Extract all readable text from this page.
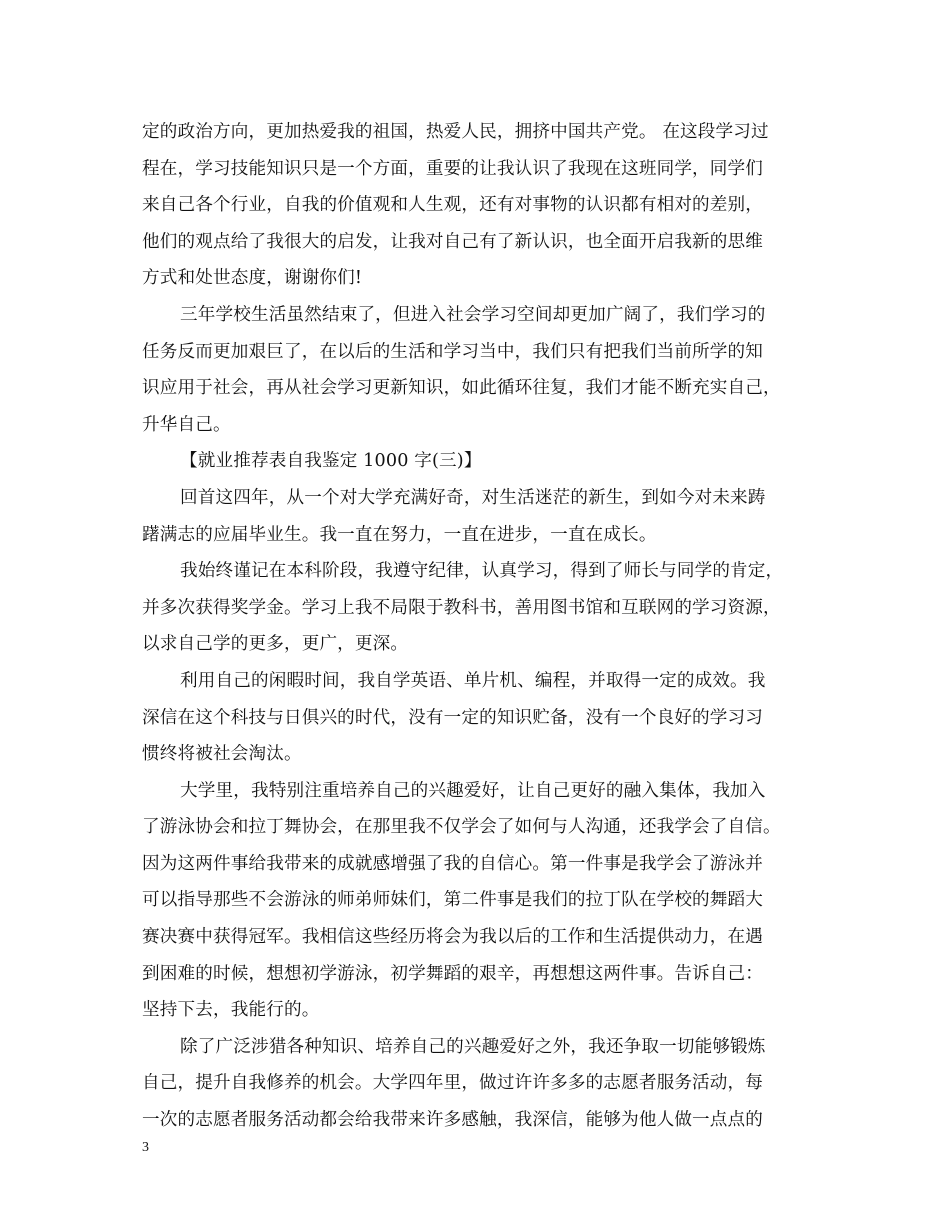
定的政治方向，更加热爱我的祖国，热爱人民，拥挤中国共产党。 在这段学习过
程在，学习技能知识只是一个方面，重要的让我认识了我现在这班同学，同学们
来自己各个行业，自我的价值观和人生观，还有对事物的认识都有相对的差别，
他们的观点给了我很大的启发，让我对自己有了新认识，也全面开启我新的思维
方式和处世态度，谢谢你们!
三年学校生活虽然结束了，但进入社会学习空间却更加广阔了，我们学习的
任务反而更加艰巨了，在以后的生活和学习当中，我们只有把我们当前所学的知
识应用于社会，再从社会学习更新知识，如此循环往复，我们才能不断充实自己，
升华自己。
【就业推荐表自我鉴定 1000 字(三)】
回首这四年，从一个对大学充满好奇，对生活迷茫的新生，到如今对未来踌
躇满志的应届毕业生。我一直在努力，一直在进步，一直在成长。
我始终谨记在本科阶段，我遵守纪律，认真学习，得到了师长与同学的肯定，
并多次获得奖学金。学习上我不局限于教科书，善用图书馆和互联网的学习资源，
以求自己学的更多，更广，更深。
利用自己的闲暇时间，我自学英语、单片机、编程，并取得一定的成效。我
深信在这个科技与日俱兴的时代，没有一定的知识贮备，没有一个良好的学习习
惯终将被社会淘汰。
大学里，我特别注重培养自己的兴趣爱好，让自己更好的融入集体，我加入
了游泳协会和拉丁舞协会，在那里我不仅学会了如何与人沟通，还我学会了自信。
因为这两件事给我带来的成就感增强了我的自信心。第一件事是我学会了游泳并
可以指导那些不会游泳的师弟师妹们，第二件事是我们的拉丁队在学校的舞蹈大
赛决赛中获得冠军。我相信这些经历将会为我以后的工作和生活提供动力，在遇
到困难的时候，想想初学游泳，初学舞蹈的艰辛，再想想这两件事。告诉自己：
坚持下去，我能行的。
除了广泛涉猎各种知识、培养自己的兴趣爱好之外，我还争取一切能够锻炼
自己，提升自我修养的机会。大学四年里，做过许许多多的志愿者服务活动，每
一次的志愿者服务活动都会给我带来许多感触，我深信，能够为他人做一点点的
3
